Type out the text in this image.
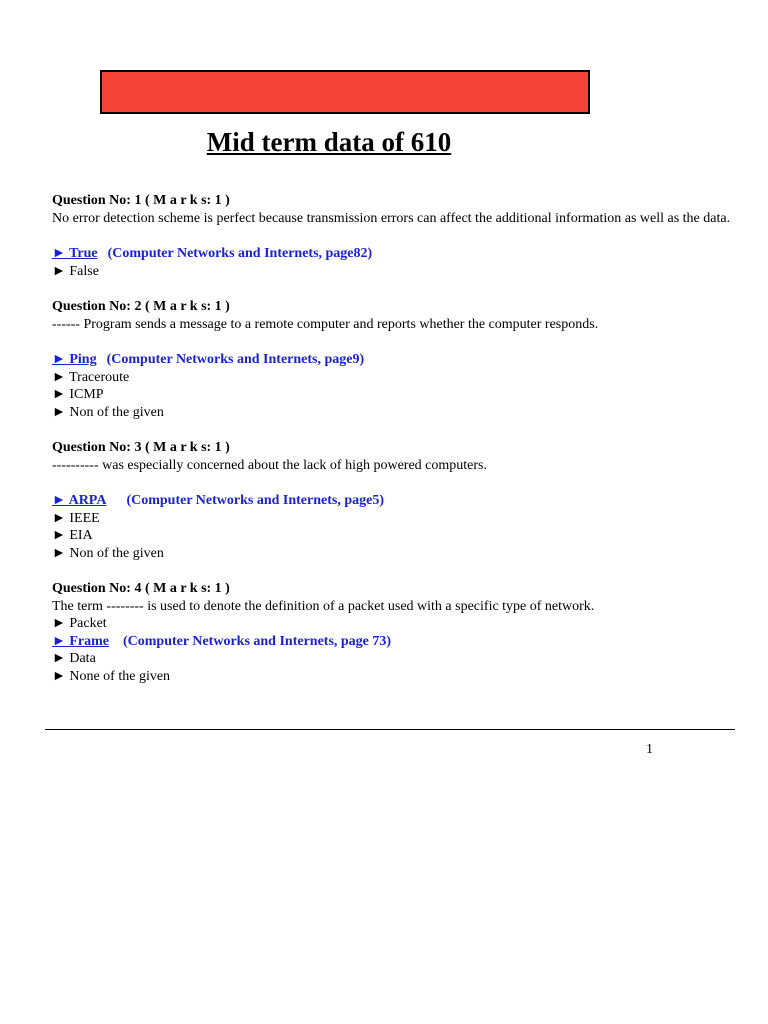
Mid term data of 610

Question No: 1 ( M a r k s: 1 )

No error detection scheme is perfect because transmission errors can affect the additional information as well as the data.

► True (Computer Networks and Internets, page82)

► False

Question No: 2 ( M a r k s: 1 )

------ Program sends a message to a remote computer and reports whether the computer responds.

► Ping (Computer Networks and Internets, page9)

► Traceroute

► ICMP

► Non of the given

Question No: 3 ( M a r k s: 1 )

---------- was especially concerned about the lack of high powered computers.

► ARPA (Computer Networks and Internets, page5)

► IEEE

► EIA

► Non of the given

Question No: 4 ( M a r k s: 1 )

The term -------- is used to denote the definition of a packet used with a specific type of network.

► Packet

► Frame (Computer Networks and Internets, page 73)

► Data

► None of the given

1
